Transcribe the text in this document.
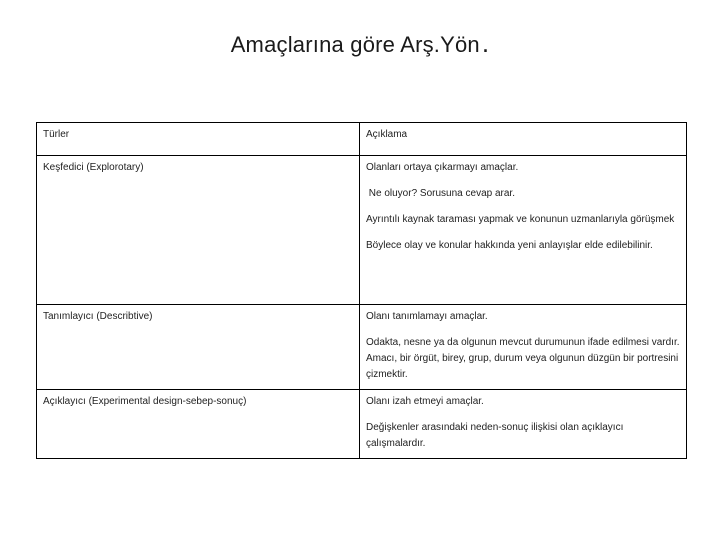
Amaçlarına göre Arş.Yön.
Türler	Açıklama
Keşfedici (Explorotary)	Olanları ortaya çıkarmayı amaçlar.
Ne oluyor? Sorusuna cevap arar.
Ayrıntılı kaynak taraması yapmak ve konunun uzmanlarıyla görüşmek
Böylece olay ve konular hakkında yeni anlayışlar elde edilebilinir.

Tanımlayıcı (Describtive)	Olanı tanımlamayı amaçlar.
Odakta, nesne ya da olgunun mevcut durumunun ifade edilmesi vardır. Amacı, bir örgüt, birey, grup, durum veya olgunun düzgün bir portresini çizmektir.

Açıklayıcı (Experimental design-sebep-sonuç)	Olanı izah etmeyi amaçlar.
Değişkenler arasındaki neden-sonuç ilişkisi olan açıklayıcı çalışmalardır.
